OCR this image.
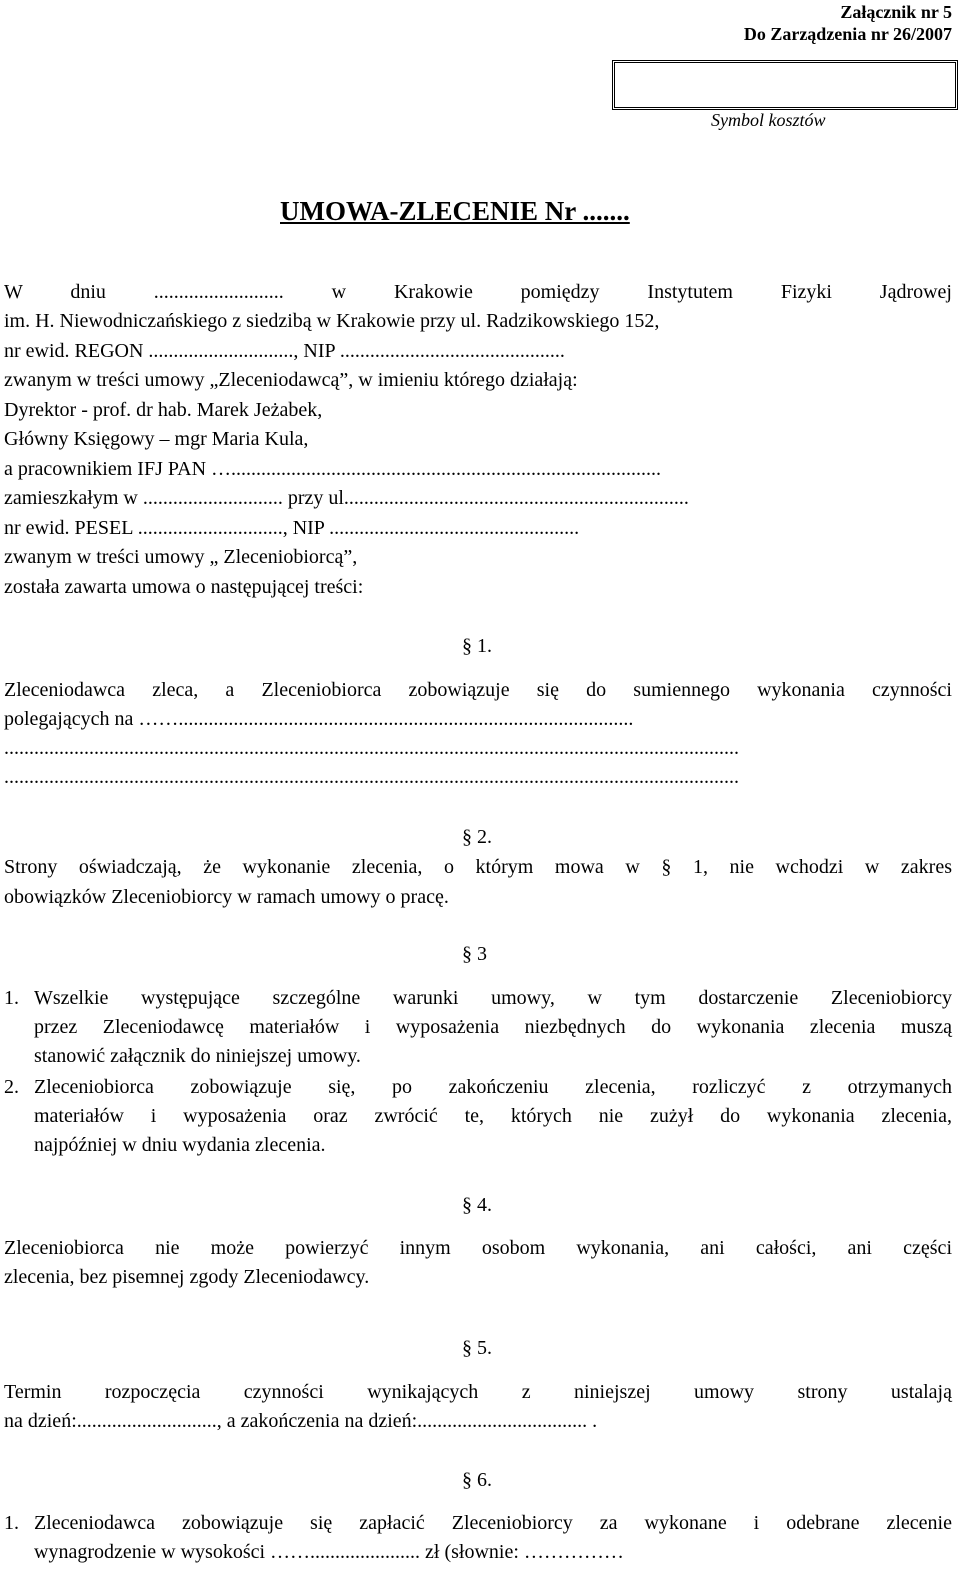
Załącznik nr 5
Do Zarządzenia nr 26/2007
Symbol kosztów
UMOWA-ZLECENIE Nr .......
W dniu .......................... w Krakowie pomiędzy Instytutem Fizyki Jądrowej
im. H. Niewodniczańskiego z siedzibą w Krakowie przy ul. Radzikowskiego 152,
nr ewid. REGON ............................., NIP .............................................
zwanym w treści umowy „Zleceniodawcą”, w imieniu którego działają:
Dyrektor - prof. dr hab. Marek Jeżabek,
Główny Księgowy – mgr Maria Kula,
a pracownikiem IFJ PAN …......................................................................................
zamieszkałym w ............................ przy ul.....................................................................
nr ewid. PESEL ............................., NIP ..................................................
zwanym w treści umowy „ Zleceniobiorcą”,
została zawarta umowa o następującej treści:
§ 1.
Zleceniodawca zleca, a Zleceniobiorca zobowiązuje się do sumiennego wykonania czynności
polegających na ……...........................................................................................
...................................................................................................................................................
...................................................................................................................................................
§ 2.
Strony oświadczają, że wykonanie zlecenia, o którym mowa w § 1, nie wchodzi w zakres
obowiązków Zleceniobiorcy w ramach umowy o pracę.
§ 3
1. Wszelkie występujące szczególne warunki umowy, w tym dostarczenie Zleceniobiorcy
przez Zleceniodawcę materiałów i wyposażenia niezbędnych do wykonania zlecenia muszą
stanowić załącznik do niniejszej umowy.
2. Zleceniobiorca zobowiązuje się, po zakończeniu zlecenia, rozliczyć z otrzymanych
materiałów i wyposażenia oraz zwrócić te, których nie zużył do wykonania zlecenia,
najpóźniej w dniu wydania zlecenia.
§ 4.
Zleceniobiorca nie może powierzyć innym osobom wykonania, ani całości, ani części
zlecenia, bez pisemnej zgody Zleceniodawcy.
§ 5.
Termin rozpoczęcia czynności wynikających z niniejszej umowy strony ustalają
na dzień:............................, a zakończenia na dzień:.................................. .
§ 6.
1. Zleceniodawca zobowiązuje się zapłacić Zleceniobiorcy za wykonane i odebrane zlecenie
wynagrodzenie w wysokości ……...................... zł (słownie: ……………
